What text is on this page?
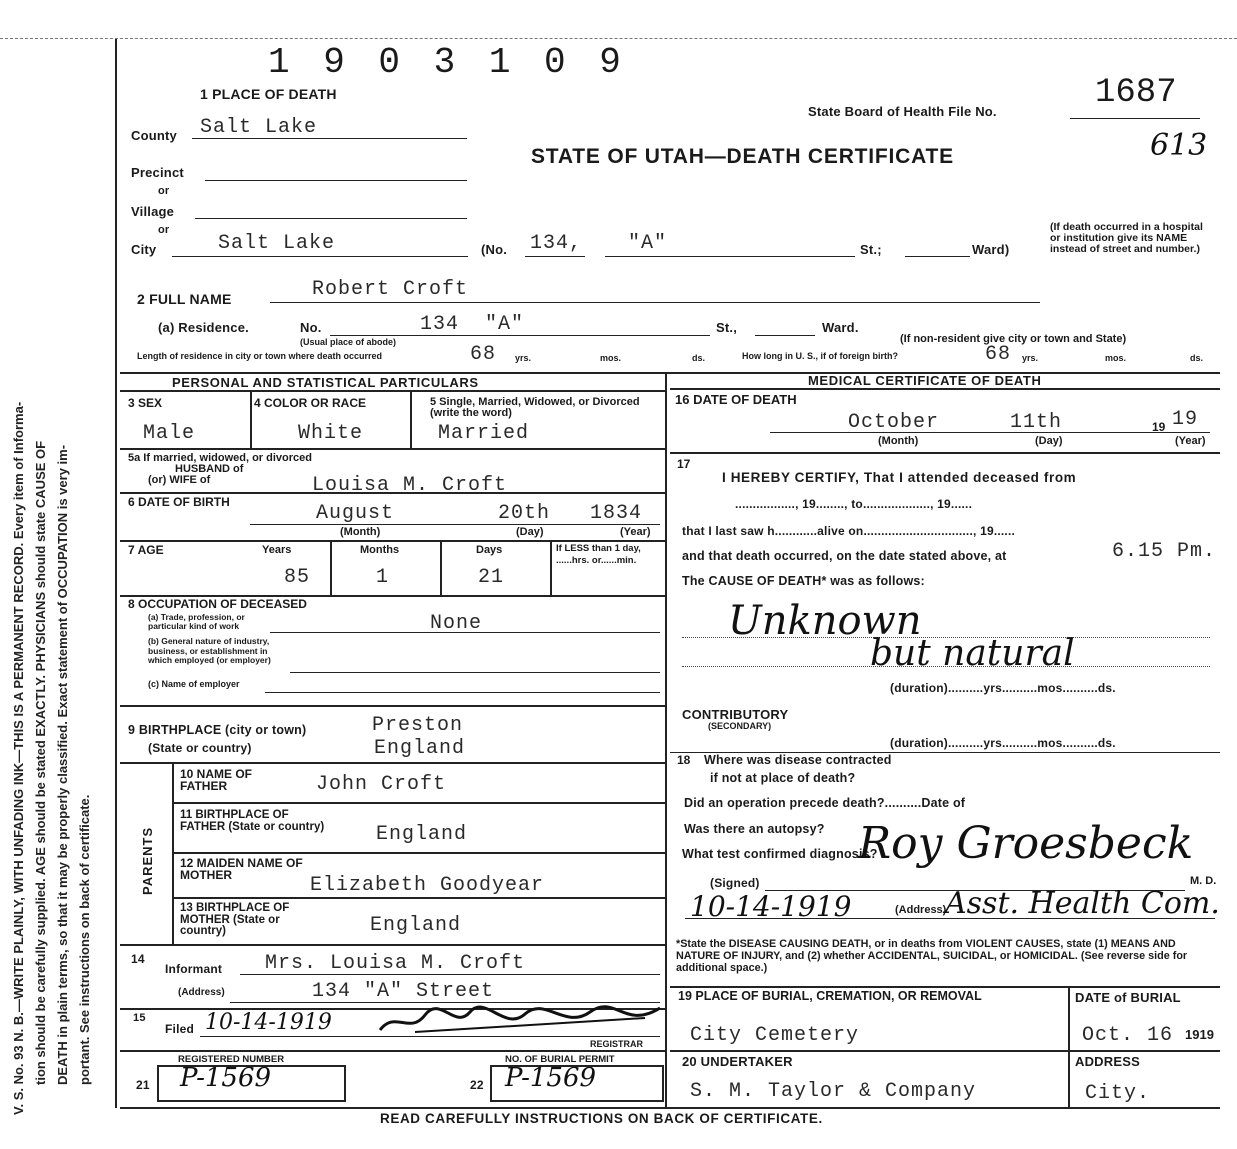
V. S. No. 93 N. B.—WRITE PLAINLY, WITH UNFADING INK—THIS IS A PERMANENT RECORD. Every item of Informa- tion should be carefully supplied. AGE should be stated EXACTLY. PHYSICIANS should state CAUSE OF DEATH in plain terms, so that it may be properly classified. Exact statement of OCCUPATION is very im- portant. See instructions on back of certificate.
1 9 0 3 1 0 9
1 PLACE OF DEATH
State Board of Health File No.	1687
613
STATE OF UTAH—DEATH CERTIFICATE
County Salt Lake
Precinct
or
Village
or
City	Salt Lake	(No. 134, "A"	St.;	Ward)
(If death occurred in a hospital or institution give its NAME instead of street and number.)
2 FULL NAME	Robert Croft
(a) Residence.	No.	134 "A"	St.,	Ward.
(Usual place of abode)	(If non-resident give city or town and State)
Length of residence in city or town where death occurred	68 yrs.	mos.	ds.	How long in U. S., if of foreign birth?	68 yrs.	mos.	ds.
PERSONAL AND STATISTICAL PARTICULARS	MEDICAL CERTIFICATE OF DEATH
3 SEX
Male
4 COLOR OR RACE
White
5 Single, Married, Widowed, or Divorced (write the word)
Married
5a If married, widowed, or divorced
HUSBAND of
(or) WIFE of	Louisa M. Croft
6 DATE OF BIRTH	August	20th 1834
(Month)	(Day)	(Year)
7 AGE	Years	Months	Days	If LESS than 1 day, ......hrs. or......min.
85	1	21
8 OCCUPATION OF DECEASED
(a) Trade, profession, or particular kind of work
(b) General nature of industry, business, or establishment in which employed (or employer)
(c) Name of employer
None
9 BIRTHPLACE (city or town)	Preston
(State or country)	England
PARENTS
10 NAME OF FATHER	John Croft
11 BIRTHPLACE OF FATHER (State or country)	England
12 MAIDEN NAME OF MOTHER	Elizabeth Goodyear
13 BIRTHPLACE OF MOTHER (State or country)	England
14
Informant Mrs. Louisa M. Croft
(Address)	134 "A" Street
15
Filed 10-14-1919
REGISTRAR
REGISTERED NUMBER	NO. OF BURIAL PERMIT
21 P-1569	22 P-1569
16 DATE OF DEATH
October	11th	19 19
(Month)	(Day)	(Year)
17
I HEREBY CERTIFY, That I attended deceased from
................., 19........, to..................., 19......
that I last saw h............alive on..............................., 19......
and that death occurred, on the date stated above, at	6.15 Pm.
The CAUSE OF DEATH* was as follows:
Unknown
but natural
(duration)..........yrs..........mos..........ds.
CONTRIBUTORY
(SECONDARY)
(duration)..........yrs..........mos..........ds.
18 Where was disease contracted
if not at place of death?
Did an operation precede death?..........Date of
Was there an autopsy?
What test confirmed diagnosis?
Roy Groesbeck
(Signed)	M. D.
10-14-1919	(Address)
Asst. Health Com.
*State the DISEASE CAUSING DEATH, or in deaths from VIOLENT CAUSES, state (1) MEANS AND NATURE OF INJURY, and (2) whether ACCIDENTAL, SUICIDAL, or HOMICIDAL. (See reverse side for additional space.)
19 PLACE OF BURIAL, CREMATION, OR REMOVAL
City Cemetery
DATE of BURIAL
Oct. 16 1919
20 UNDERTAKER
S. M. Taylor & Company
ADDRESS
City.
READ CAREFULLY INSTRUCTIONS ON BACK OF CERTIFICATE.
